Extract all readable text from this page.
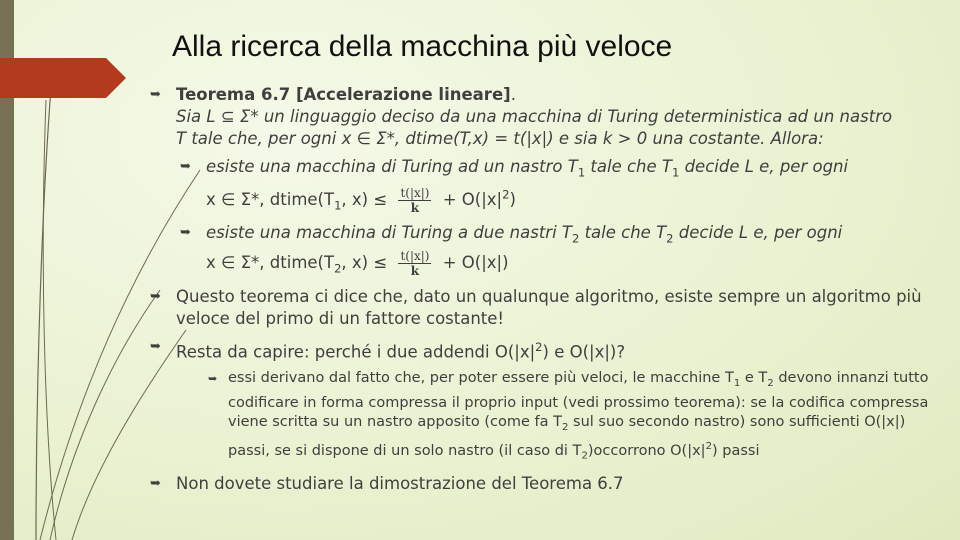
Alla ricerca della macchina più veloce
➥ Teorema 6.7 [Accelerazione lineare].
Sia L ⊆ Σ* un linguaggio deciso da una macchina di Turing deterministica ad un nastro
T tale che, per ogni x ∈ Σ*, dtime(T,x) = t(|x|) e sia k > 0 una costante. Allora:
➥ esiste una macchina di Turing ad un nastro $T_1$ tale che $T_1$ decide L e, per ogni
x ∈ Σ*, $dtime(T_1$, $x) \le \frac{t(|x|)}{k} + O(|x|^2)$
➥ esiste una macchina di Turing a due nastri $T_2$ tale che $T_2$ decide L e, per ogni
x ∈ Σ*, $dtime(T_2$, $x) \le \frac{t(|x|)}{k} + O(|x|)$
➥ Questo teorema ci dice che, dato un qualunque algoritmo, esiste sempre un algoritmo più veloce del primo di un fattore costante!
➥ Resta da capire: perché i due addendi $O(|x|^2)$ e O(|x|)?
➥ essi derivano dal fatto che, per poter essere più veloci, le macchine $T_1$ e $T_2$ devono innanzi tutto codificare in forma compressa il proprio input (vedi prossimo teorema): se la codifica compressa viene scritta su un nastro apposito (come fa $T_2$ sul suo secondo nastro) sono sufficienti O(|x|) passi, se si dispone di un solo nastro (il caso di $T_2)occorrono$ $O(|x|^2)$ passi
➥ Non dovete studiare la dimostrazione del Teorema 6.7
